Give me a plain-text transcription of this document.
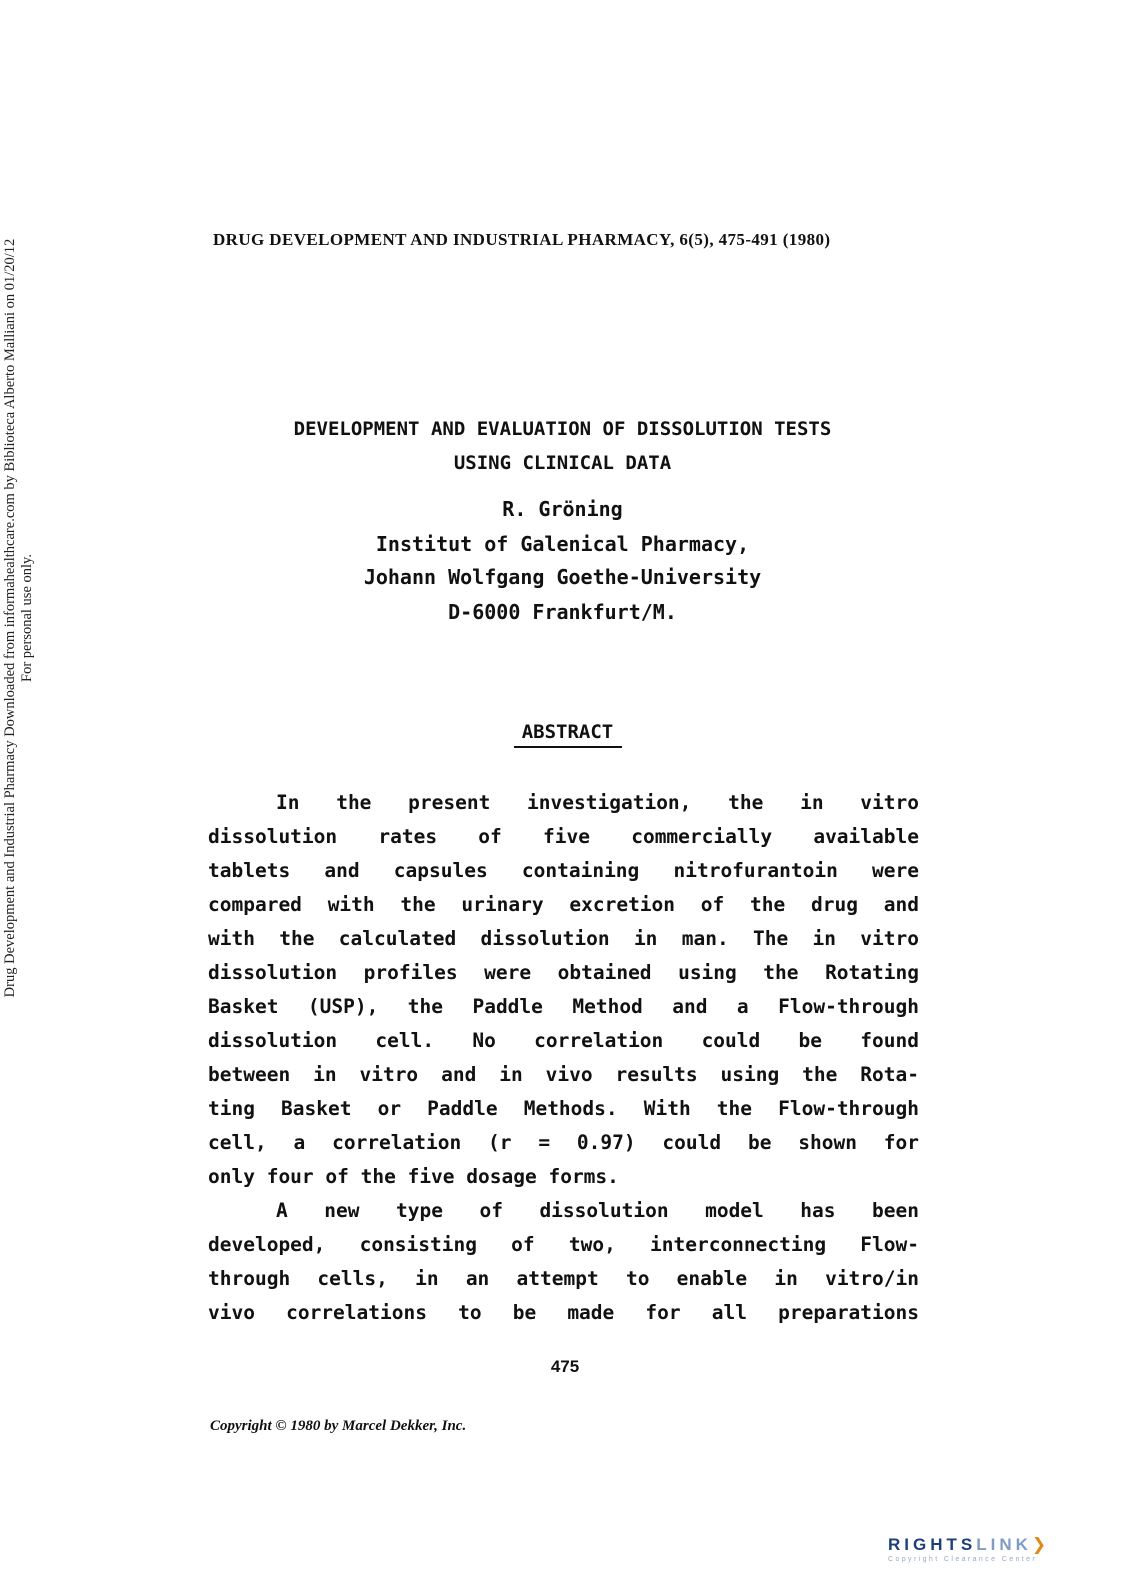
Drug Development and Industrial Pharmacy Downloaded from informahealthcare.com by Biblioteca Alberto Malliani on 01/20/12 For personal use only.
DRUG DEVELOPMENT AND INDUSTRIAL PHARMACY, 6(5), 475-491 (1980)
DEVELOPMENT AND EVALUATION OF DISSOLUTION TESTS
USING CLINICAL DATA
R. Gröning
Institut of Galenical Pharmacy,
Johann Wolfgang Goethe-University
D-6000 Frankfurt/M.
ABSTRACT
In the present investigation, the in vitro
dissolution rates of five commercially available
tablets and capsules containing nitrofurantoin were
compared with the urinary excretion of the drug and
with the calculated dissolution in man. The in vitro
dissolution profiles were obtained using the Rotating
Basket (USP), the Paddle Method and a Flow-through
dissolution cell. No correlation could be found
between in vitro and in vivo results using the Rota-
ting Basket or Paddle Methods. With the Flow-through
cell, a correlation (r = 0.97) could be shown for
only four of the five dosage forms.
A new type of dissolution model has been
developed, consisting of two, interconnecting Flow-
through cells, in an attempt to enable in vitro/in
vivo correlations to be made for all preparations
475
Copyright © 1980 by Marcel Dekker, Inc.
RIGHTSLINK❯
Copyright Clearance Center
